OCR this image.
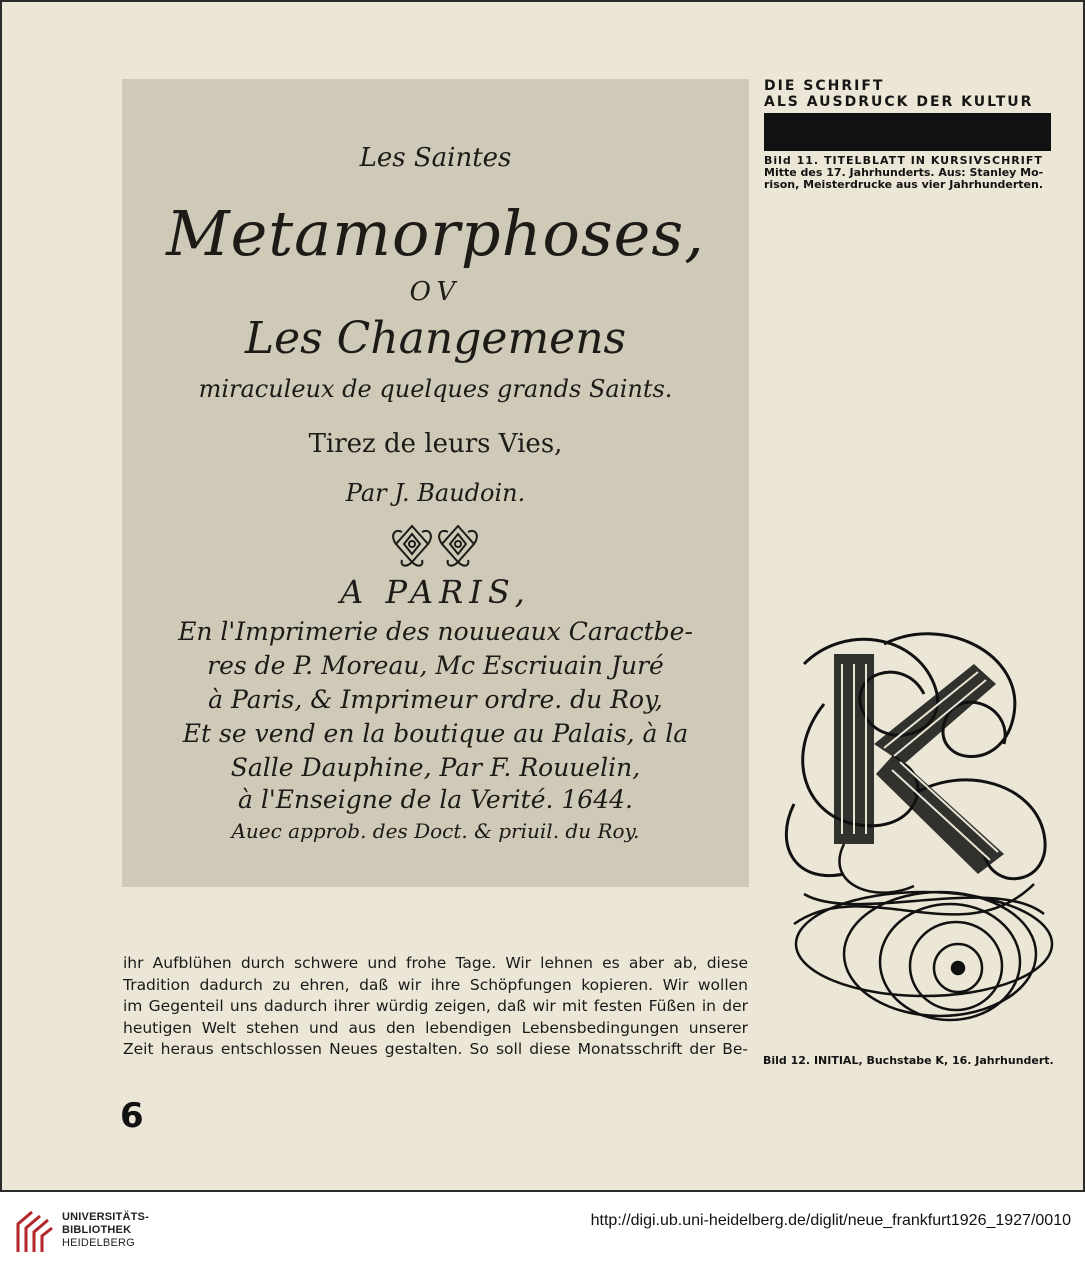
Les Saintes
Metamorphoses,
OV
Les Changemens
miraculeux de quelques grands Saints.
Tirez de leurs Vies,
Par J. Baudoin.
A PARIS,
En l'Imprimerie des nouueaux Caractbe-
res de P. Moreau, Mc Escriuain Juré
à Paris, & Imprimeur ordre. du Roy,
Et se vend en la boutique au Palais, à la
Salle Dauphine, Par F. Rouuelin,
à l'Enseigne de la Verité. 1644.
Auec approb. des Doct. & priuil. du Roy.
DIE SCHRIFT
ALS AUSDRUCK DER KULTUR
Bild 11. TITELBLATT IN KURSIVSCHRIFT
Mitte des 17. Jahrhunderts. Aus: Stanley Mo-
rison, Meisterdrucke aus vier Jahrhunderten.
Bild 12. INITIAL, Buchstabe K, 16. Jahrhundert.
ihr Aufblühen durch schwere und frohe Tage. Wir lehnen es aber ab, diese
Tradition dadurch zu ehren, daß wir ihre Schöpfungen kopieren. Wir wollen
im Gegenteil uns dadurch ihrer würdig zeigen, daß wir mit festen Füßen in der
heutigen Welt stehen und aus den lebendigen Lebensbedingungen unserer
Zeit heraus entschlossen Neues gestalten. So soll diese Monatsschrift der Be-
6
UNIVERSITÄTS-
BIBLIOTHEK
HEIDELBERG
http://digi.ub.uni-heidelberg.de/diglit/neue_frankfurt1926_1927/0010
